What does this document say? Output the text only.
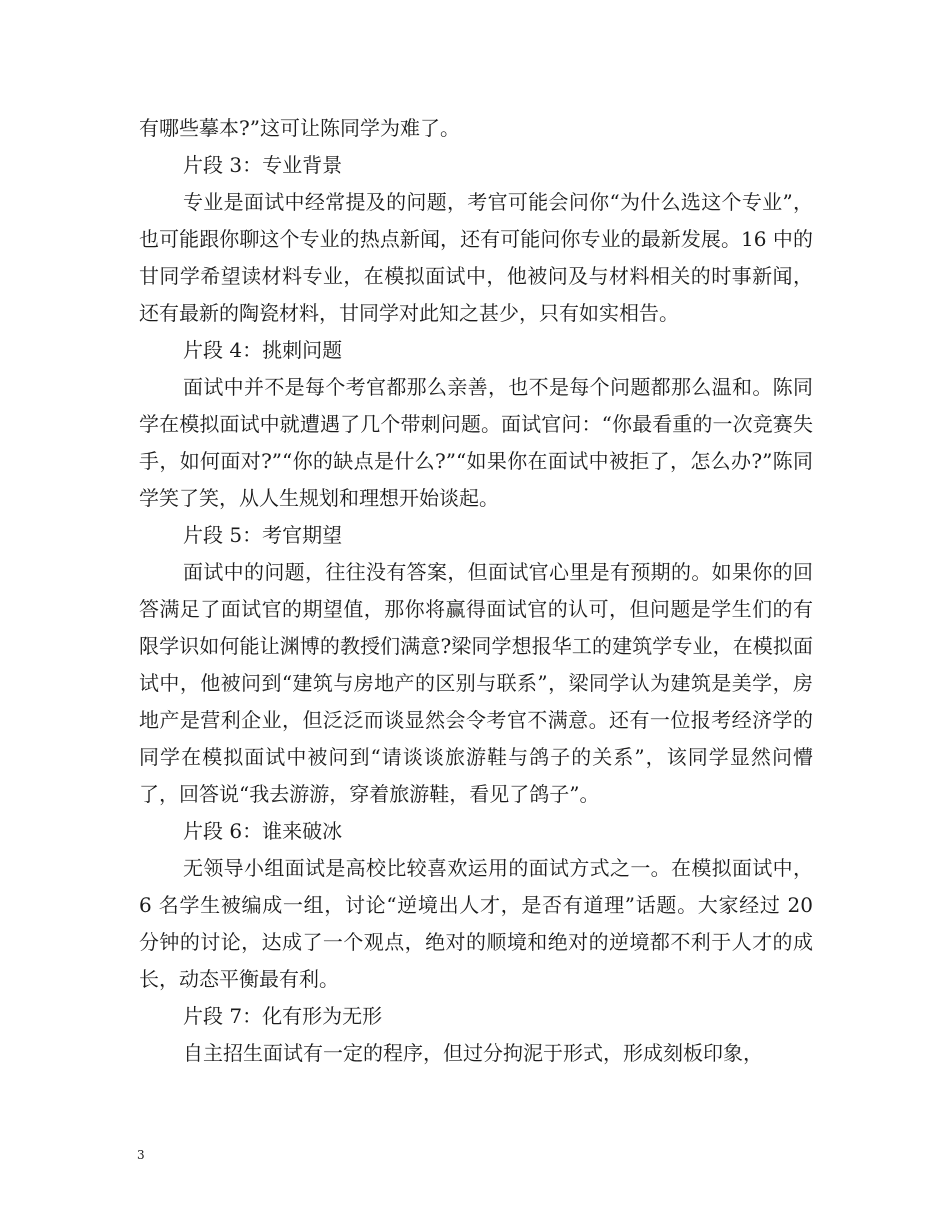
有哪些摹本?”这可让陈同学为难了。

片段 3：专业背景

专业是面试中经常提及的问题，考官可能会问你“为什么选这个专业”，也可能跟你聊这个专业的热点新闻，还有可能问你专业的最新发展。16 中的甘同学希望读材料专业，在模拟面试中，他被问及与材料相关的时事新闻，还有最新的陶瓷材料，甘同学对此知之甚少，只有如实相告。

片段 4：挑刺问题

面试中并不是每个考官都那么亲善，也不是每个问题都那么温和。陈同学在模拟面试中就遭遇了几个带刺问题。面试官问：“你最看重的一次竞赛失手，如何面对?”“你的缺点是什么?”“如果你在面试中被拒了，怎么办?”陈同学笑了笑，从人生规划和理想开始谈起。

片段 5：考官期望

面试中的问题，往往没有答案，但面试官心里是有预期的。如果你的回答满足了面试官的期望值，那你将赢得面试官的认可，但问题是学生们的有限学识如何能让渊博的教授们满意?梁同学想报华工的建筑学专业，在模拟面试中，他被问到“建筑与房地产的区别与联系”，梁同学认为建筑是美学，房地产是营利企业，但泛泛而谈显然会令考官不满意。还有一位报考经济学的同学在模拟面试中被问到“请谈谈旅游鞋与鸽子的关系”，该同学显然问懵了，回答说“我去游游，穿着旅游鞋，看见了鸽子”。

片段 6：谁来破冰

无领导小组面试是高校比较喜欢运用的面试方式之一。在模拟面试中，6 名学生被编成一组，讨论“逆境出人才，是否有道理”话题。大家经过 20 分钟的讨论，达成了一个观点，绝对的顺境和绝对的逆境都不利于人才的成长，动态平衡最有利。

片段 7：化有形为无形

自主招生面试有一定的程序，但过分拘泥于形式，形成刻板印象，

3
